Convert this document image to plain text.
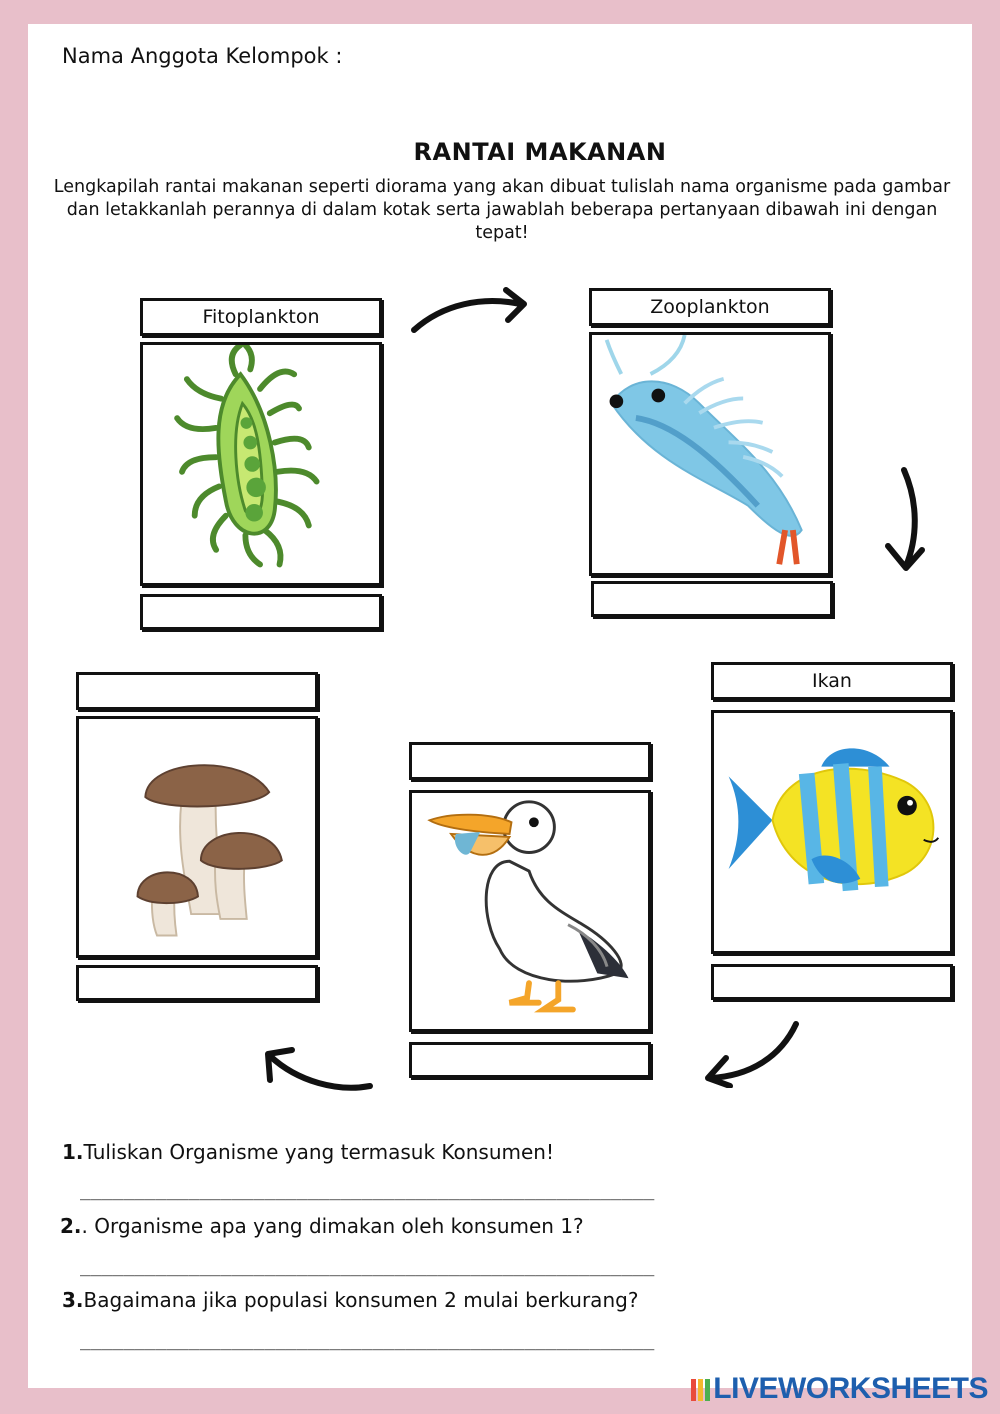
Nama Anggota Kelompok :
RANTAI MAKANAN
Lengkapilah rantai makanan seperti diorama yang akan dibuat tulislah nama organisme pada gambar dan letakkanlah perannya di dalam kotak serta jawablah beberapa pertanyaan dibawah ini dengan tepat!
Fitoplankton	Zooplankton
Ikan
1.Tuliskan Organisme yang termasuk Konsumen!
_____________________________________________________
2.. Organisme apa yang dimakan oleh konsumen 1?
_____________________________________________________
3.Bagaimana jika populasi konsumen 2 mulai berkurang?
_____________________________________________________
LIVEWORKSHEETS
